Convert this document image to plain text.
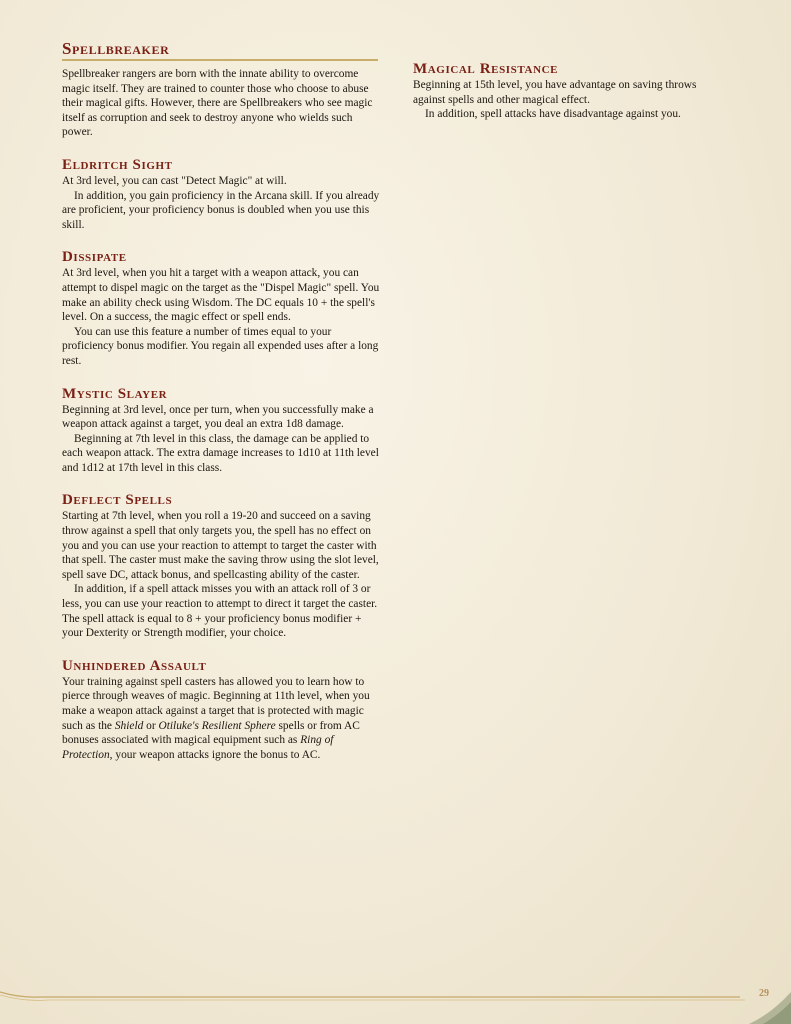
Spellbreaker

Spellbreaker rangers are born with the innate ability to overcome magic itself. They are trained to counter those who choose to abuse their magical gifts. However, there are Spellbreakers who see magic itself as corruption and seek to destroy anyone who wields such power.

Eldritch Sight

At 3rd level, you can cast "Detect Magic" at will.

In addition, you gain proficiency in the Arcana skill. If you already are proficient, your proficiency bonus is doubled when you use this skill.

Dissipate

At 3rd level, when you hit a target with a weapon attack, you can attempt to dispel magic on the target as the "Dispel Magic" spell. You make an ability check using Wisdom. The DC equals 10 + the spell's level. On a success, the magic effect or spell ends.

You can use this feature a number of times equal to your proficiency bonus modifier. You regain all expended uses after a long rest.

Mystic Slayer

Beginning at 3rd level, once per turn, when you successfully make a weapon attack against a target, you deal an extra 1d8 damage.

Beginning at 7th level in this class, the damage can be applied to each weapon attack. The extra damage increases to 1d10 at 11th level and 1d12 at 17th level in this class.

Deflect Spells

Starting at 7th level, when you roll a 19-20 and succeed on a saving throw against a spell that only targets you, the spell has no effect on you and you can use your reaction to attempt to target the caster with that spell. The caster must make the saving throw using the slot level, spell save DC, attack bonus, and spellcasting ability of the caster.

In addition, if a spell attack misses you with an attack roll of 3 or less, you can use your reaction to attempt to direct it target the caster. The spell attack is equal to 8 + your proficiency bonus modifier + your Dexterity or Strength modifier, your choice.

Unhindered Assault

Your training against spell casters has allowed you to learn how to pierce through weaves of magic. Beginning at 11th level, when you make a weapon attack against a target that is protected with magic such as the Shield or Otiluke's Resilient Sphere spells or from AC bonuses associated with magical equipment such as Ring of Protection, your weapon attacks ignore the bonus to AC.

Magical Resistance

Beginning at 15th level, you have advantage on saving throws against spells and other magical effect.

In addition, spell attacks have disadvantage against you.

29
